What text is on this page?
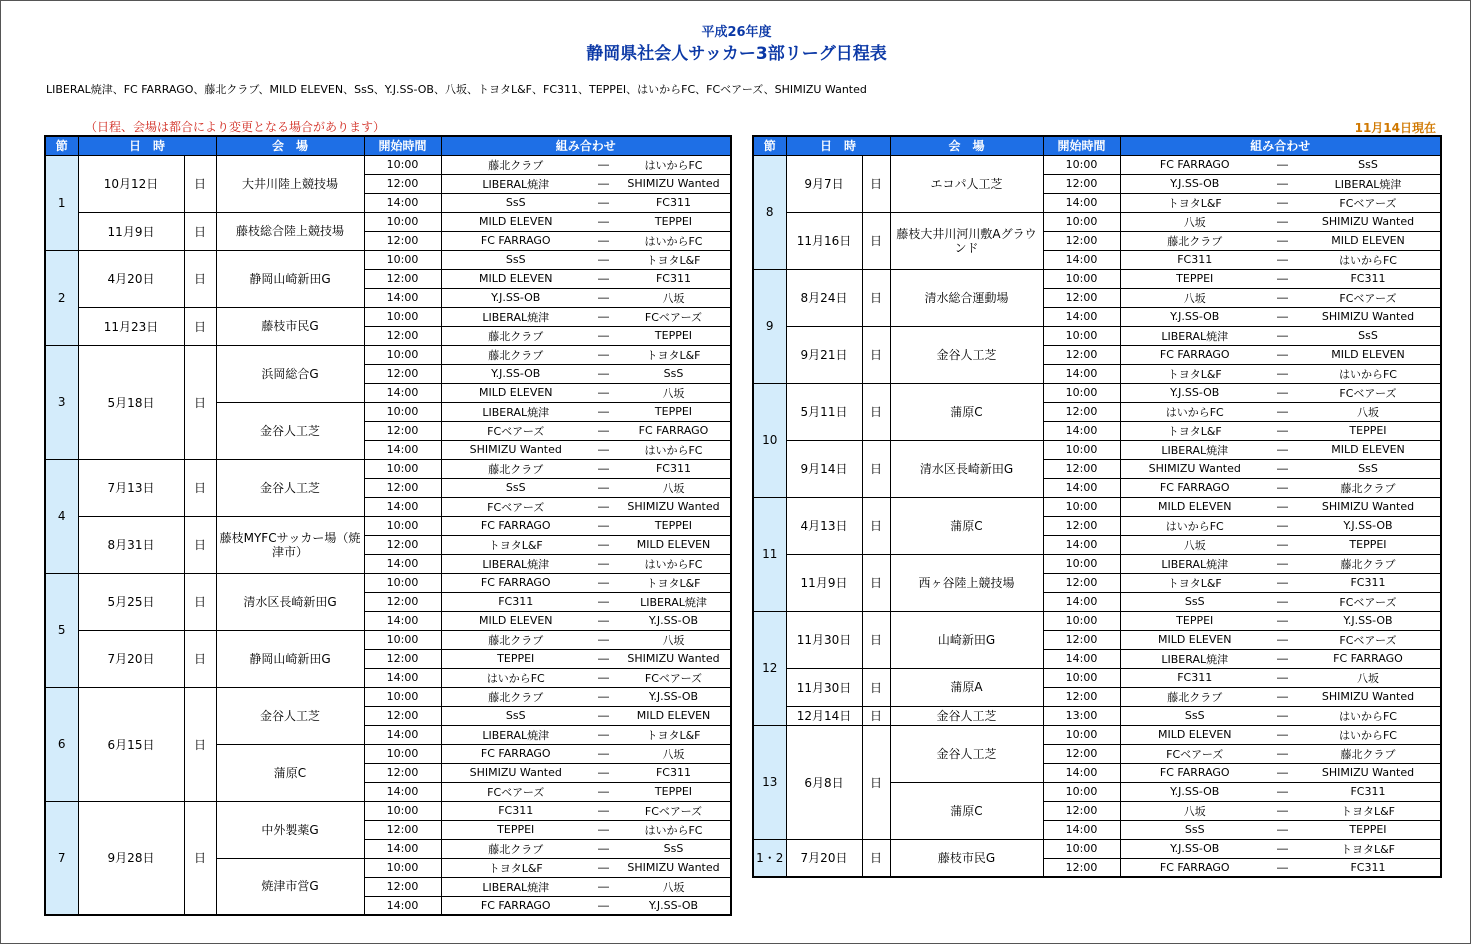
平成26年度
静岡県社会人サッカー3部リーグ日程表
LIBERAL焼津、FC FARRAGO、藤北クラブ、MILD ELEVEN、SsS、Y.J.SS-OB、八坂、トヨタL&F、FC311、TEPPEI、はいからFC、FCベアーズ、SHIMIZU Wanted
（日程、会場は都合により変更となる場合があります）	11月14日現在
節	日　時		会　場	開始時間	組み合わせ		
1	10月12日	日	大井川陸上競技場	10:00	藤北クラブ	―	はいからFC
				12:00	LIBERAL焼津	―	SHIMIZU Wanted
				14:00	SsS	―	FC311
	11月9日	日	藤枝総合陸上競技場	10:00	MILD ELEVEN	―	TEPPEI
				12:00	FC FARRAGO	―	はいからFC
2	4月20日	日	静岡山崎新田G	10:00	SsS	―	トヨタL&F
				12:00	MILD ELEVEN	―	FC311
				14:00	Y.J.SS-OB	―	八坂
	11月23日	日	藤枝市民G	10:00	LIBERAL焼津	―	FCベアーズ
				12:00	藤北クラブ	―	TEPPEI
3	5月18日	日	浜岡総合G	10:00	藤北クラブ	―	トヨタL&F
				12:00	Y.J.SS-OB	―	SsS
				14:00	MILD ELEVEN	―	八坂
			金谷人工芝	10:00	LIBERAL焼津	―	TEPPEI
				12:00	FCベアーズ	―	FC FARRAGO
				14:00	SHIMIZU Wanted	―	はいからFC
4	7月13日	日	金谷人工芝	10:00	藤北クラブ	―	FC311
				12:00	SsS	―	八坂
				14:00	FCベアーズ	―	SHIMIZU Wanted
	8月31日	日	藤枝MYFCサッカー場（焼津市）	10:00	FC FARRAGO	―	TEPPEI
				12:00	トヨタL&F	―	MILD ELEVEN
				14:00	LIBERAL焼津	―	はいからFC
5	5月25日	日	清水区長崎新田G	10:00	FC FARRAGO	―	トヨタL&F
				12:00	FC311	―	LIBERAL焼津
				14:00	MILD ELEVEN	―	Y.J.SS-OB
	7月20日	日	静岡山崎新田G	10:00	藤北クラブ	―	八坂
				12:00	TEPPEI	―	SHIMIZU Wanted
				14:00	はいからFC	―	FCベアーズ
6	6月15日	日	金谷人工芝	10:00	藤北クラブ	―	Y.J.SS-OB
				12:00	SsS	―	MILD ELEVEN
				14:00	LIBERAL焼津	―	トヨタL&F
			蒲原C	10:00	FC FARRAGO	―	八坂
				12:00	SHIMIZU Wanted	―	FC311
				14:00	FCベアーズ	―	TEPPEI
7	9月28日	日	中外製薬G	10:00	FC311	―	FCベアーズ
				12:00	TEPPEI	―	はいからFC
				14:00	藤北クラブ	―	SsS
			焼津市営G	10:00	トヨタL&F	―	SHIMIZU Wanted
				12:00	LIBERAL焼津	―	八坂
				14:00	FC FARRAGO	―	Y.J.SS-OB
節	日　時		会　場	開始時間	組み合わせ		
8	9月7日	日	エコパ人工芝	10:00	FC FARRAGO	―	SsS
				12:00	Y.J.SS-OB	―	LIBERAL焼津
				14:00	トヨタL&F	―	FCベアーズ
	11月16日	日	藤枝大井川河川敷Aグラウンド	10:00	八坂	―	SHIMIZU Wanted
				12:00	藤北クラブ	―	MILD ELEVEN
				14:00	FC311	―	はいからFC
9	8月24日	日	清水総合運動場	10:00	TEPPEI	―	FC311
				12:00	八坂	―	FCベアーズ
				14:00	Y.J.SS-OB	―	SHIMIZU Wanted
	9月21日	日	金谷人工芝	10:00	LIBERAL焼津	―	SsS
				12:00	FC FARRAGO	―	MILD ELEVEN
				14:00	トヨタL&F	―	はいからFC
10	5月11日	日	蒲原C	10:00	Y.J.SS-OB	―	FCベアーズ
				12:00	はいからFC	―	八坂
				14:00	トヨタL&F	―	TEPPEI
	9月14日	日	清水区長崎新田G	10:00	LIBERAL焼津	―	MILD ELEVEN
				12:00	SHIMIZU Wanted	―	SsS
				14:00	FC FARRAGO	―	藤北クラブ
11	4月13日	日	蒲原C	10:00	MILD ELEVEN	―	SHIMIZU Wanted
				12:00	はいからFC	―	Y.J.SS-OB
				14:00	八坂	―	TEPPEI
	11月9日	日	西ヶ谷陸上競技場	10:00	LIBERAL焼津	―	藤北クラブ
				12:00	トヨタL&F	―	FC311
				14:00	SsS	―	FCベアーズ
12	11月30日	日	山崎新田G	10:00	TEPPEI	―	Y.J.SS-OB
				12:00	MILD ELEVEN	―	FCベアーズ
				14:00	LIBERAL焼津	―	FC FARRAGO
	11月30日	日	蒲原A	10:00	FC311	―	八坂
				12:00	藤北クラブ	―	SHIMIZU Wanted
	12月14日	日	金谷人工芝	13:00	SsS	―	はいからFC
13	6月8日	日	金谷人工芝	10:00	MILD ELEVEN	―	はいからFC
				12:00	FCベアーズ	―	藤北クラブ
				14:00	FC FARRAGO	―	SHIMIZU Wanted
			蒲原C	10:00	Y.J.SS-OB	―	FC311
				12:00	八坂	―	トヨタL&F
				14:00	SsS	―	TEPPEI
1・2	7月20日	日	藤枝市民G	10:00	Y.J.SS-OB	―	トヨタL&F
				12:00	FC FARRAGO	―	FC311
